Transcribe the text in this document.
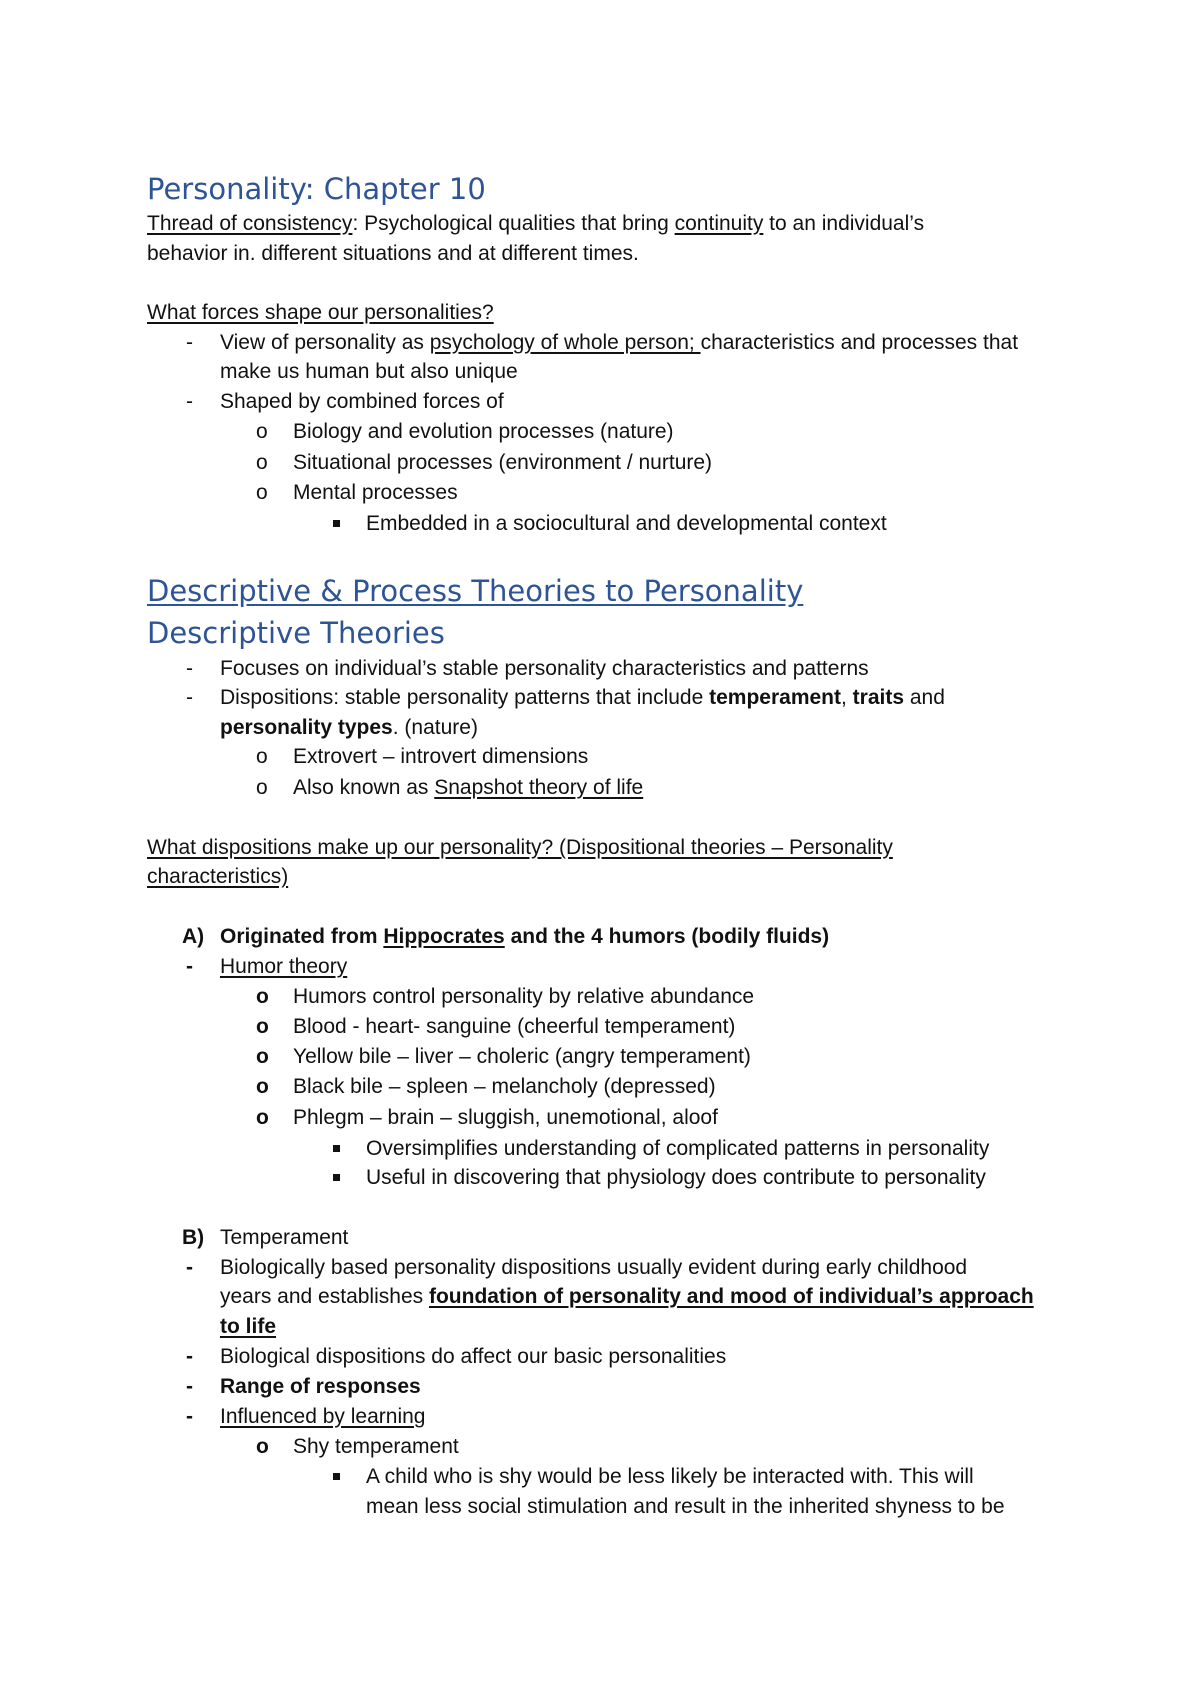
Personality: Chapter 10
Thread of consistency: Psychological qualities that bring continuity to an individual’s
behavior in. different situations and at different times.
What forces shape our personalities?
- View of personality as psychology of whole person; characteristics and processes that
make us human but also unique
- Shaped by combined forces of
o Biology and evolution processes (nature)
o Situational processes (environment / nurture)
o Mental processes
Embedded in a sociocultural and developmental context
Descriptive & Process Theories to Personality
Descriptive Theories
- Focuses on individual’s stable personality characteristics and patterns
- Dispositions: stable personality patterns that include temperament, traits and
personality types. (nature)
o Extrovert – introvert dimensions
o Also known as Snapshot theory of life
What dispositions make up our personality? (Dispositional theories – Personality
characteristics)
A) Originated from Hippocrates and the 4 humors (bodily fluids)
- Humor theory
o Humors control personality by relative abundance
o Blood - heart- sanguine (cheerful temperament)
o Yellow bile – liver – choleric (angry temperament)
o Black bile – spleen – melancholy (depressed)
o Phlegm – brain – sluggish, unemotional, aloof
Oversimplifies understanding of complicated patterns in personality
Useful in discovering that physiology does contribute to personality
B) Temperament
- Biologically based personality dispositions usually evident during early childhood
years and establishes foundation of personality and mood of individual’s approach
to life
- Biological dispositions do affect our basic personalities
- Range of responses
- Influenced by learning
o Shy temperament
A child who is shy would be less likely be interacted with. This will
mean less social stimulation and result in the inherited shyness to be
